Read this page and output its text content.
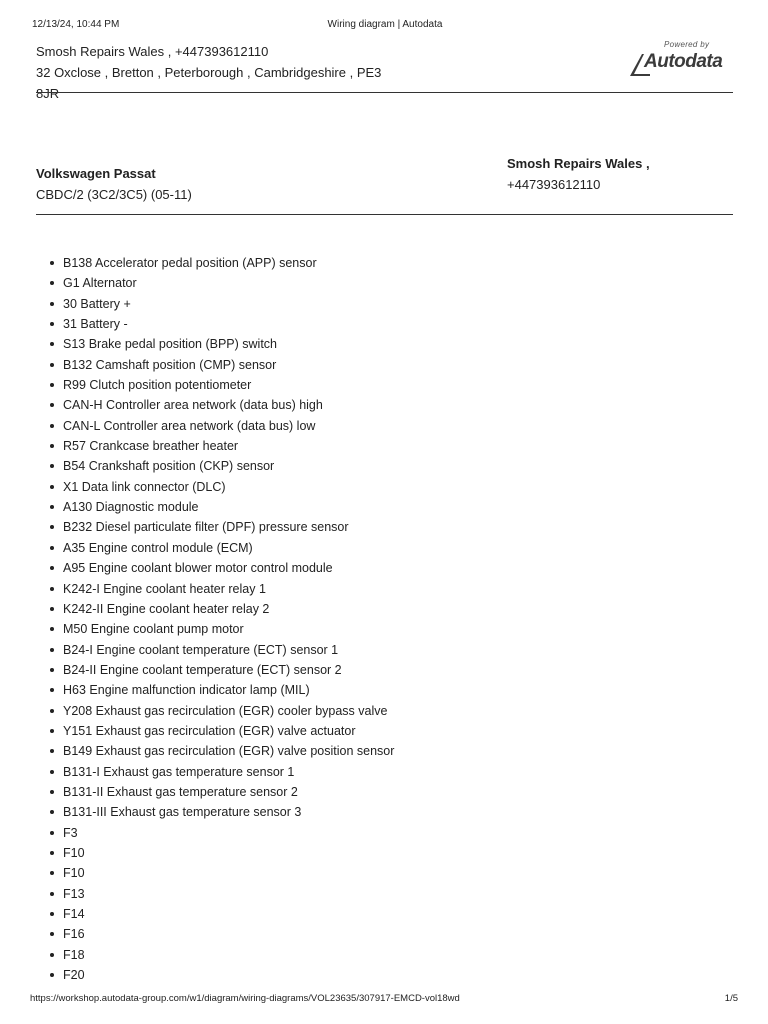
12/13/24, 10:44 PM	Wiring diagram | Autodata
Smosh Repairs Wales , +447393612110
32 Oxclose , Bretton , Peterborough , Cambridgeshire , PE3
8JR
Powered by
Autodata
Volkswagen Passat
CBDC/2 (3C2/3C5) (05-11)
Smosh Repairs Wales ,
+447393612110
B138 Accelerator pedal position (APP) sensor
G1 Alternator
30 Battery +
31 Battery -
S13 Brake pedal position (BPP) switch
B132 Camshaft position (CMP) sensor
R99 Clutch position potentiometer
CAN-H Controller area network (data bus) high
CAN-L Controller area network (data bus) low
R57 Crankcase breather heater
B54 Crankshaft position (CKP) sensor
X1 Data link connector (DLC)
A130 Diagnostic module
B232 Diesel particulate filter (DPF) pressure sensor
A35 Engine control module (ECM)
A95 Engine coolant blower motor control module
K242-I Engine coolant heater relay 1
K242-II Engine coolant heater relay 2
M50 Engine coolant pump motor
B24-I Engine coolant temperature (ECT) sensor 1
B24-II Engine coolant temperature (ECT) sensor 2
H63 Engine malfunction indicator lamp (MIL)
Y208 Exhaust gas recirculation (EGR) cooler bypass valve
Y151 Exhaust gas recirculation (EGR) valve actuator
B149 Exhaust gas recirculation (EGR) valve position sensor
B131-I Exhaust gas temperature sensor 1
B131-II Exhaust gas temperature sensor 2
B131-III Exhaust gas temperature sensor 3
F3
F10
F10
F13
F14
F16
F18
F20
https://workshop.autodata-group.com/w1/diagram/wiring-diagrams/VOL23635/307917-EMCD-vol18wd	1/5
